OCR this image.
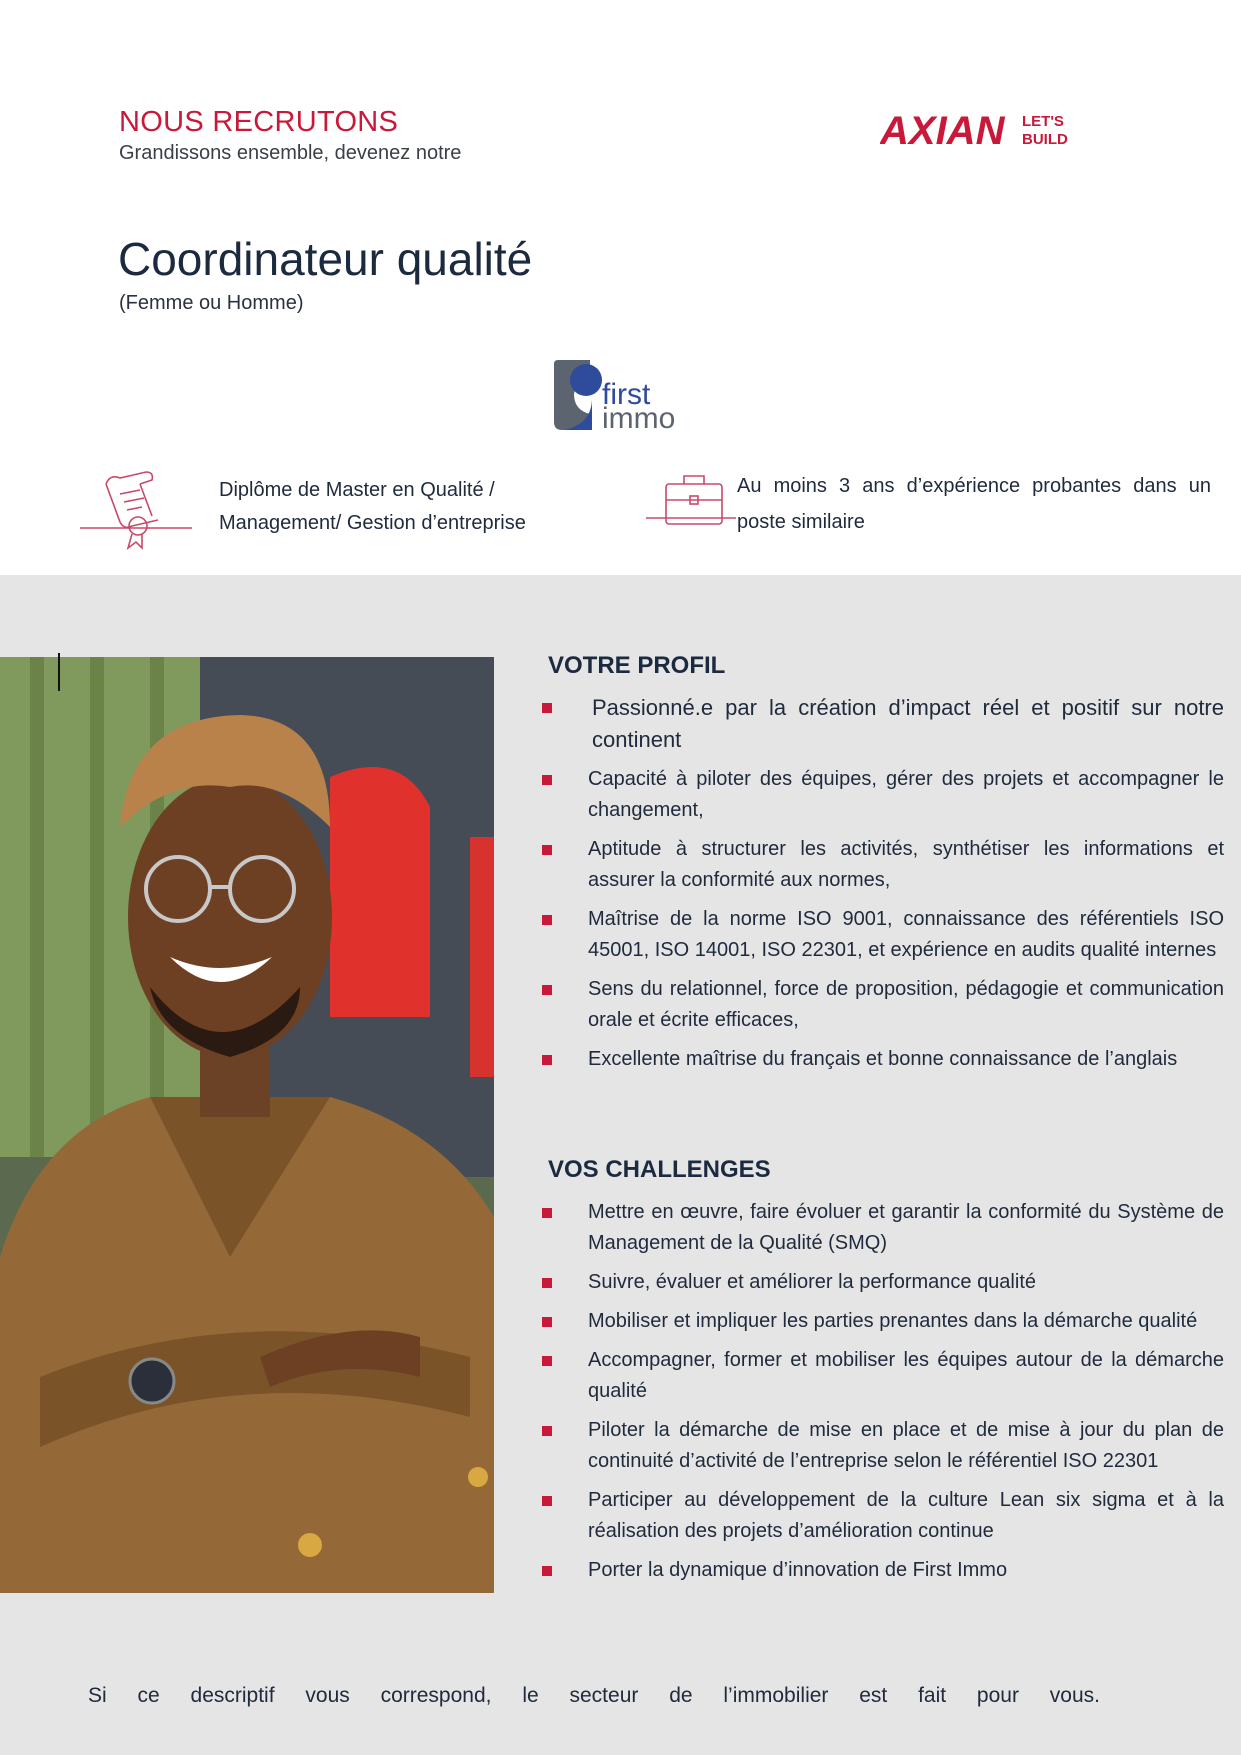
NOUS RECRUTONS
Grandissons ensemble, devenez notre	AXIAN LET'S
BUILD
Coordinateur qualité
(Femme ou Homme)
first
immo
Diplôme de Master en Qualité /
Management/ Gestion d’entreprise
Au moins 3 ans d’expérience probantes dans un poste similaire
VOTRE PROFIL
Passionné.e par la création d’impact réel et positif sur notre continent
Capacité à piloter des équipes, gérer des projets et accompagner le changement,
Aptitude à structurer les activités, synthétiser les informations et assurer la conformité aux normes,
Maîtrise de la norme ISO 9001, connaissance des référentiels ISO 45001, ISO 14001, ISO 22301, et expérience en audits qualité internes
Sens du relationnel, force de proposition, pédagogie et communication orale et écrite efficaces,
Excellente maîtrise du français et bonne connaissance de l’anglais
VOS CHALLENGES
Mettre en œuvre, faire évoluer et garantir la conformité du Système de Management de la Qualité (SMQ)
Suivre, évaluer et améliorer la performance qualité
Mobiliser et impliquer les parties prenantes dans la démarche qualité
Accompagner, former et mobiliser les équipes autour de la démarche qualité
Piloter la démarche de mise en place et de mise à jour du plan de continuité d’activité de l’entreprise selon le référentiel ISO 22301
Participer au développement de la culture Lean six sigma et à la réalisation des projets d’amélioration continue
Porter la dynamique d’innovation de First Immo
Si ce descriptif vous correspond, le secteur de l’immobilier est fait pour vous.
